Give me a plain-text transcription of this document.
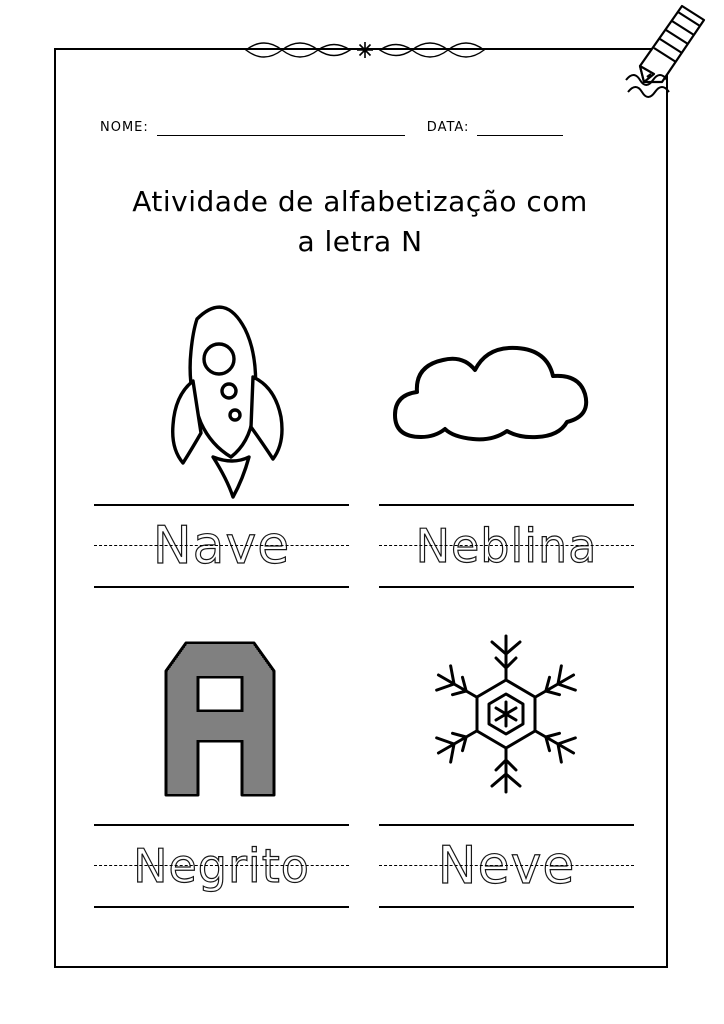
NOME:	DATA:
Atividade de alfabetização com
a letra N
Nave	Neblina
Negrito	Neve
